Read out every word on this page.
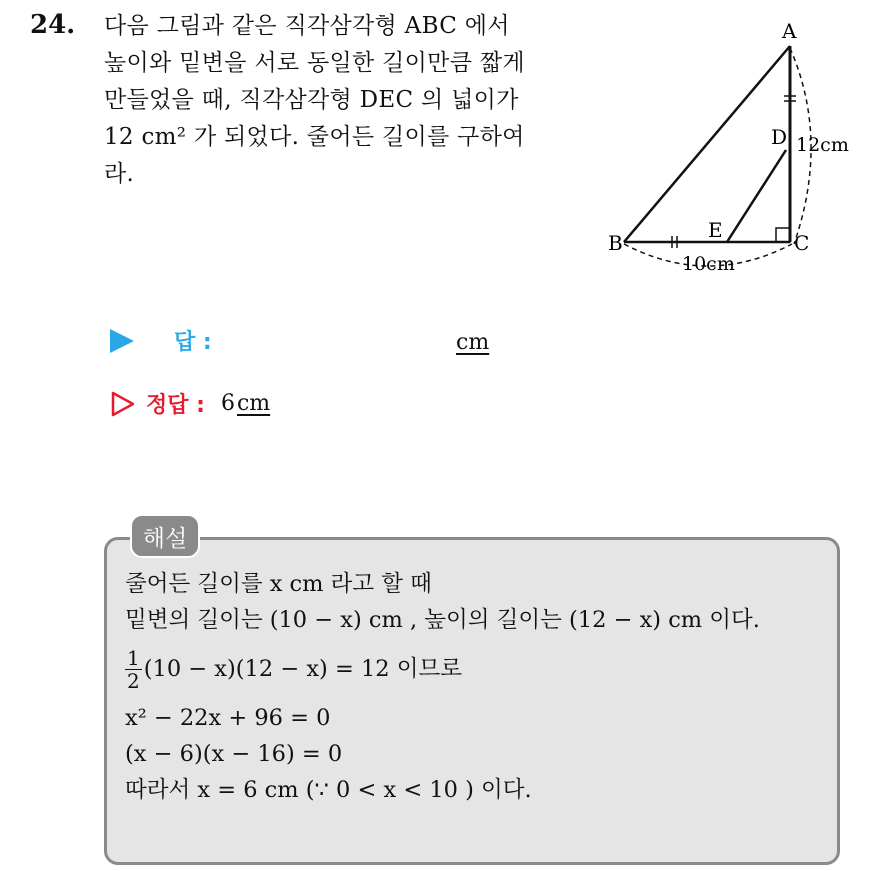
24. 다음 그림과 같은 직각삼각형 ABC 에서

높이와 밑변을 서로 동일한 길이만큼 짧게

만들었을 때, 직각삼각형 DEC 의 넓이가

12 cm² 가 되었다. 줄어든 길이를 구하여

라.

A
B	C
D
E
12cm
10cm
답 :	cm
정답 : 6 cm
해설
줄어든 길이를 x cm 라고 할 때
밑변의 길이는 (10 − x) cm , 높이의 길이는 (12 − x) cm 이다.
$\frac{1}{2} (10 - x)(12 - x) = 12$ 이므로
x² − 22x + 96 = 0
(x − 6)(x − 16) = 0
따라서 x = 6 cm (∵ 0 < x < 10 ) 이다.
